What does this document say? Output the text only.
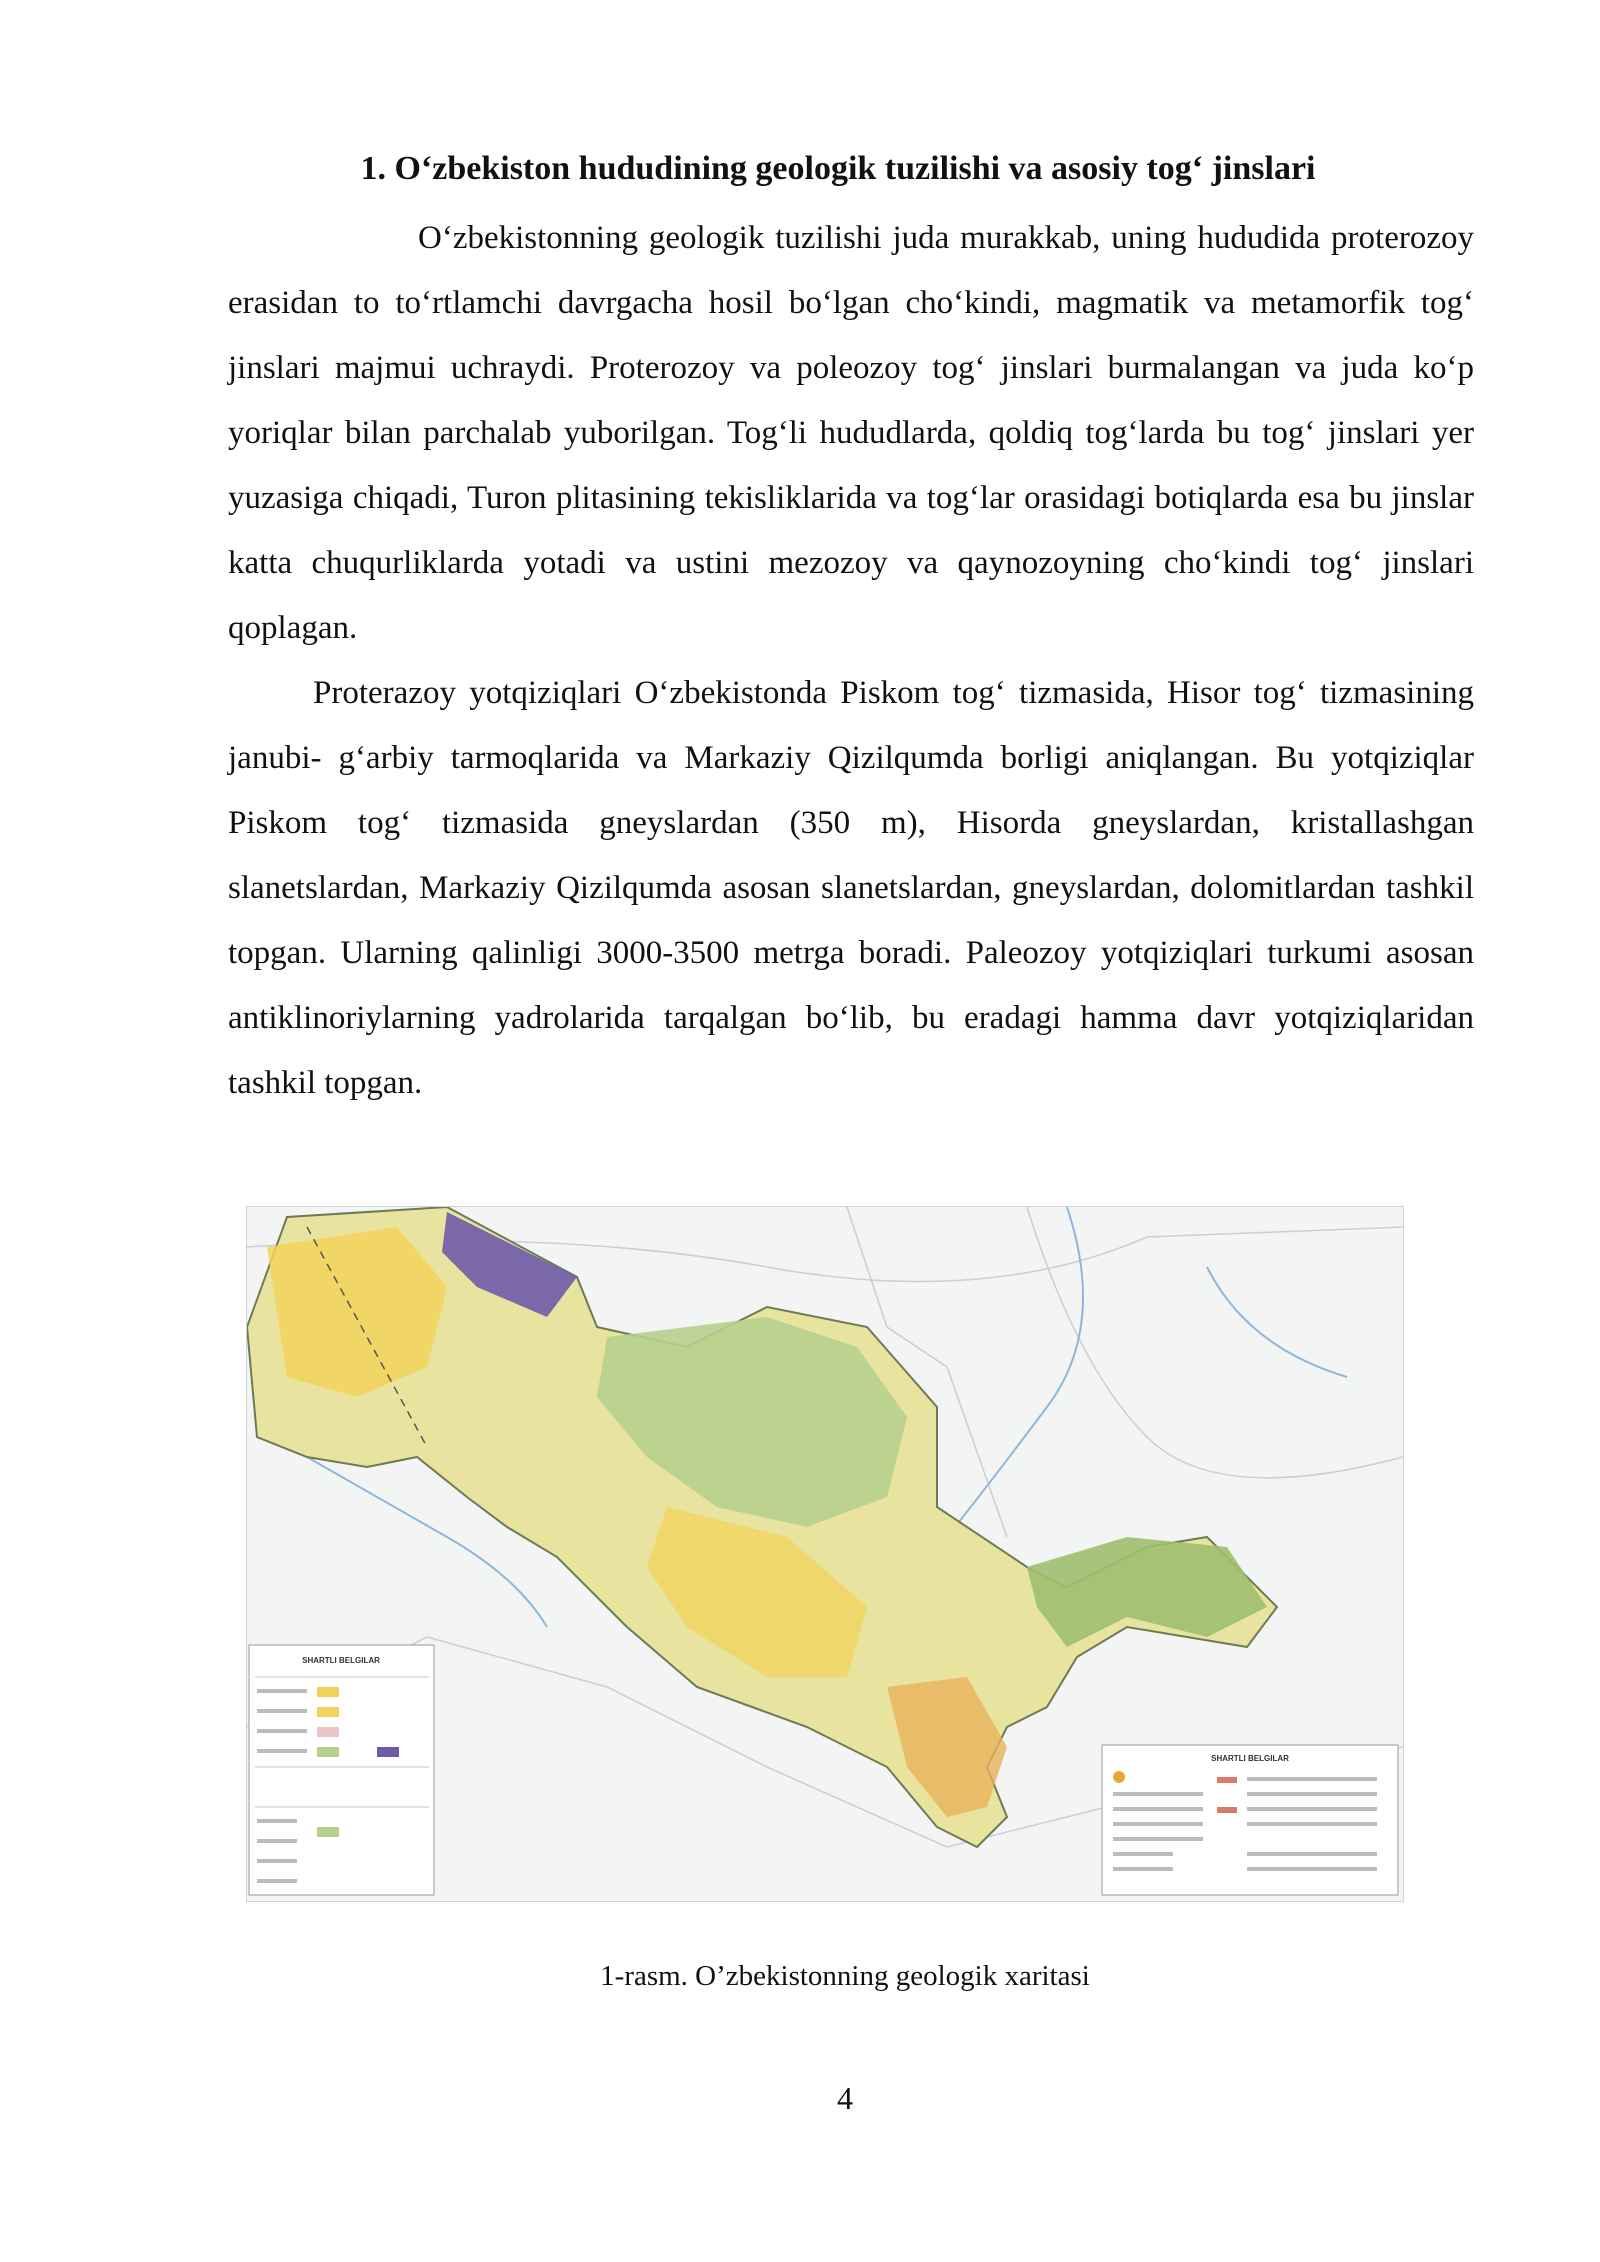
1. O‘zbekiston hududining geologik tuzilishi va asosiy tog‘ jinslari

O‘zbekistonning geologik tuzilishi juda murakkab, uning hududida proterozoy erasidan to to‘rtlamchi davrgacha hosil bo‘lgan cho‘kindi, magmatik va metamorfik tog‘ jinslari majmui uchraydi. Proterozoy va poleozoy tog‘ jinslari burmalangan va juda ko‘p yoriqlar bilan parchalab yuborilgan. Tog‘li hududlarda, qoldiq tog‘larda bu tog‘ jinslari yer yuzasiga chiqadi, Turon plitasining tekisliklarida va tog‘lar orasidagi botiqlarda esa bu jinslar katta chuqurliklarda yotadi va ustini mezozoy va qaynozoyning cho‘kindi tog‘ jinslari qoplagan.

Proterazoy yotqiziqlari O‘zbekistonda Piskom tog‘ tizmasida, Hisor tog‘ tizmasining janubi- g‘arbiy tarmoqlarida va Markaziy Qizilqumda borligi aniqlangan. Bu yotqiziqlar Piskom tog‘ tizmasida gneyslardan (350 m), Hisorda gneyslardan, kristallashgan slanetslardan, Markaziy Qizilqumda asosan slanetslardan, gneyslardan, dolomitlardan tashkil topgan. Ularning qalinligi 3000-3500 metrga boradi. Paleozoy yotqiziqlari turkumi asosan antiklinoriylarning yadrolarida tarqalgan bo‘lib, bu eradagi hamma davr yotqiziqlaridan tashkil topgan.

SHARTLI BELGILAR
SHARTLI BELGILAR
1-rasm. O’zbekistonning geologik xaritasi
4
